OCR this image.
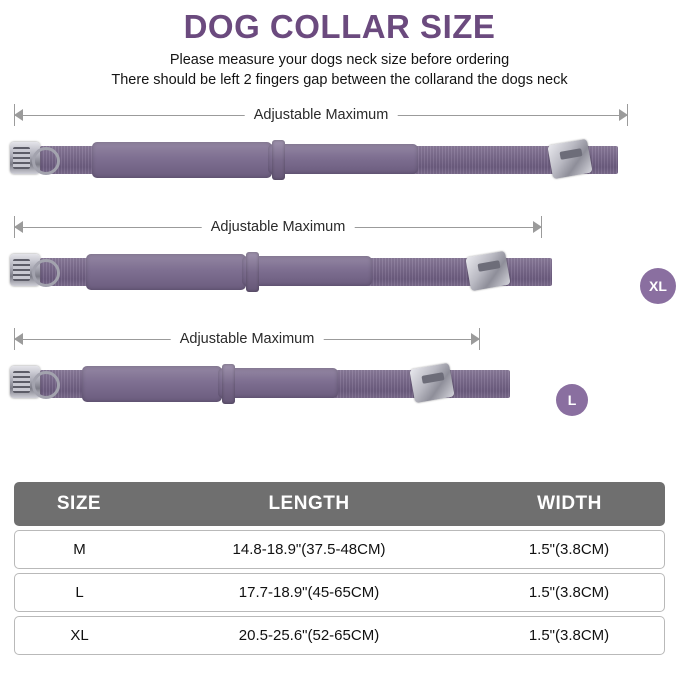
DOG COLLAR SIZE
Please measure your dogs neck size before ordering
There should be left 2 fingers gap between the collarand the dogs neck
Adjustable Maximum
XL
Adjustable Maximum
L
Adjustable Maximum
SIZE	LENGTH	WIDTH
M	14.8-18.9"(37.5-48CM)	1.5"(3.8CM)
L	17.7-18.9"(45-65CM)	1.5"(3.8CM)
XL	20.5-25.6"(52-65CM)	1.5"(3.8CM)
